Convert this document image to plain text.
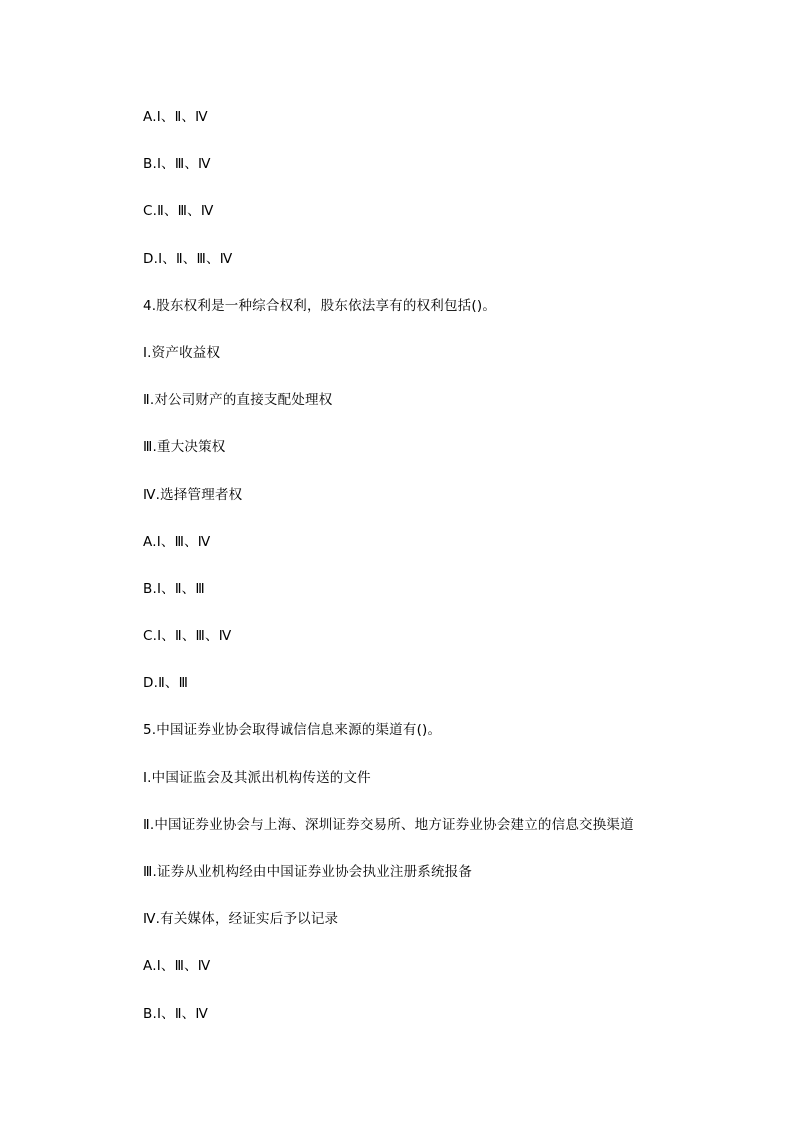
A.Ⅰ、Ⅱ、Ⅳ
B.Ⅰ、Ⅲ、Ⅳ
C.Ⅱ、Ⅲ、Ⅳ
D.Ⅰ、Ⅱ、Ⅲ、Ⅳ
4.股东权利是一种综合权利，股东依法享有的权利包括()。
Ⅰ.资产收益权
Ⅱ.对公司财产的直接支配处理权
Ⅲ.重大决策权
Ⅳ.选择管理者权
A.Ⅰ、Ⅲ、Ⅳ
B.Ⅰ、Ⅱ、Ⅲ
C.Ⅰ、Ⅱ、Ⅲ、Ⅳ
D.Ⅱ、Ⅲ
5.中国证券业协会取得诚信信息来源的渠道有()。
Ⅰ.中国证监会及其派出机构传送的文件
Ⅱ.中国证券业协会与上海、深圳证券交易所、地方证券业协会建立的信息交换渠道
Ⅲ.证券从业机构经由中国证券业协会执业注册系统报备
Ⅳ.有关媒体，经证实后予以记录
A.Ⅰ、Ⅲ、Ⅳ
B.Ⅰ、Ⅱ、Ⅳ
